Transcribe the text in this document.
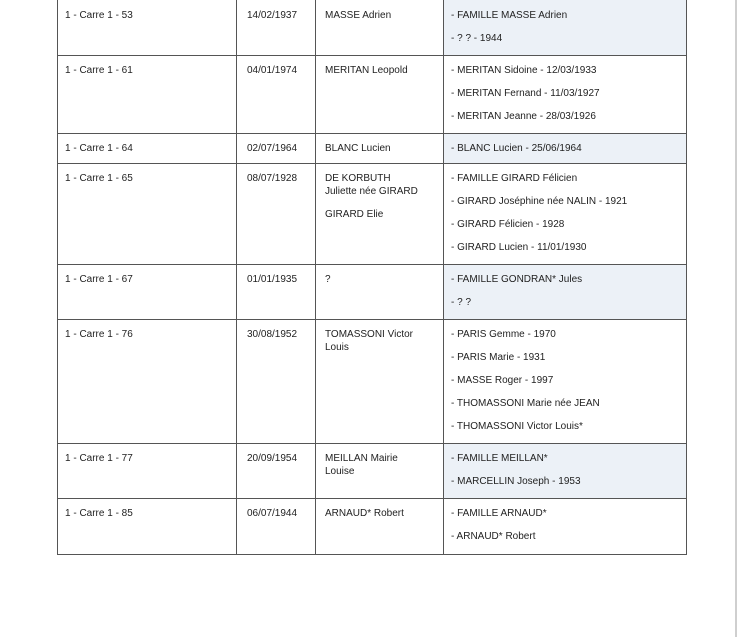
1 - Carre 1 - 53	14/02/1937	MASSE Adrien	- FAMILLE MASSE Adrien
- ? ? - 1944

1 - Carre 1 - 61	04/01/1974	MERITAN Leopold	- MERITAN Sidoine - 12/03/1933
- MERITAN Fernand - 11/03/1927
- MERITAN Jeanne - 28/03/1926

1 - Carre 1 - 64	02/07/1964	BLANC Lucien	- BLANC Lucien - 25/06/1964

1 - Carre 1 - 65	08/07/1928	DE KORBUTH
Juliette née GIRARD
GIRARD Elie	- FAMILLE GIRARD Félicien
- GIRARD Joséphine née NALIN - 1921
- GIRARD Félicien - 1928
- GIRARD Lucien - 11/01/1930

1 - Carre 1 - 67	01/01/1935	?	- FAMILLE GONDRAN* Jules
- ? ?

1 - Carre 1 - 76	30/08/1952	TOMASSONI Victor
Louis	- PARIS Gemme - 1970
- PARIS Marie - 1931
- MASSE Roger - 1997
- THOMASSONI Marie née JEAN
- THOMASSONI Victor Louis*

1 - Carre 1 - 77	20/09/1954	MEILLAN Mairie
Louise	- FAMILLE MEILLAN*
- MARCELLIN Joseph - 1953

1 - Carre 1 - 85	06/07/1944	ARNAUD* Robert	- FAMILLE ARNAUD*
- ARNAUD* Robert
